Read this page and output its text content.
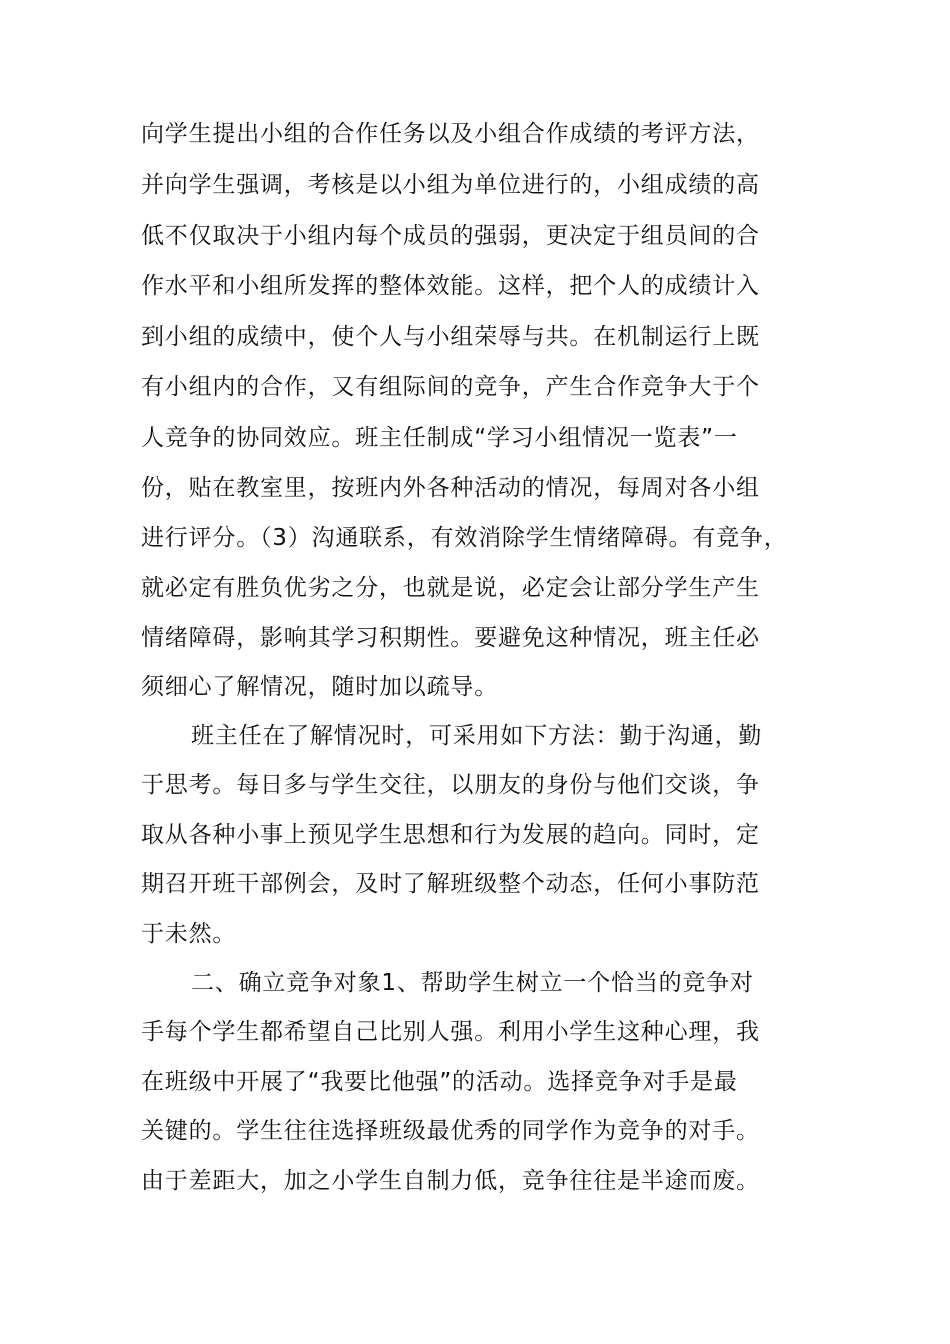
向学生提出小组的合作任务以及小组合作成绩的考评方法，
并向学生强调，考核是以小组为单位进行的，小组成绩的高
低不仅取决于小组内每个成员的强弱，更决定于组员间的合
作水平和小组所发挥的整体效能。这样，把个人的成绩计入
到小组的成绩中，使个人与小组荣辱与共。在机制运行上既
有小组内的合作，又有组际间的竞争，产生合作竞争大于个
人竞争的协同效应。班主任制成“学习小组情况一览表”一
份，贴在教室里，按班内外各种活动的情况，每周对各小组
进行评分。（3）沟通联系，有效消除学生情绪障碍。有竞争，
就必定有胜负优劣之分，也就是说，必定会让部分学生产生
情绪障碍，影响其学习积期性。要避免这种情况，班主任必
须细心了解情况，随时加以疏导。
班主任在了解情况时，可采用如下方法：勤于沟通，勤
于思考。每日多与学生交往，以朋友的身份与他们交谈，争
取从各种小事上预见学生思想和行为发展的趋向。同时，定
期召开班干部例会，及时了解班级整个动态，任何小事防范
于未然。
二、确立竞争对象1、帮助学生树立一个恰当的竞争对
手每个学生都希望自己比别人强。利用小学生这种心理，我
在班级中开展了“我要比他强”的活动。选择竞争对手是最
关键的。学生往往选择班级最优秀的同学作为竞争的对手。
由于差距大，加之小学生自制力低，竞争往往是半途而废。
